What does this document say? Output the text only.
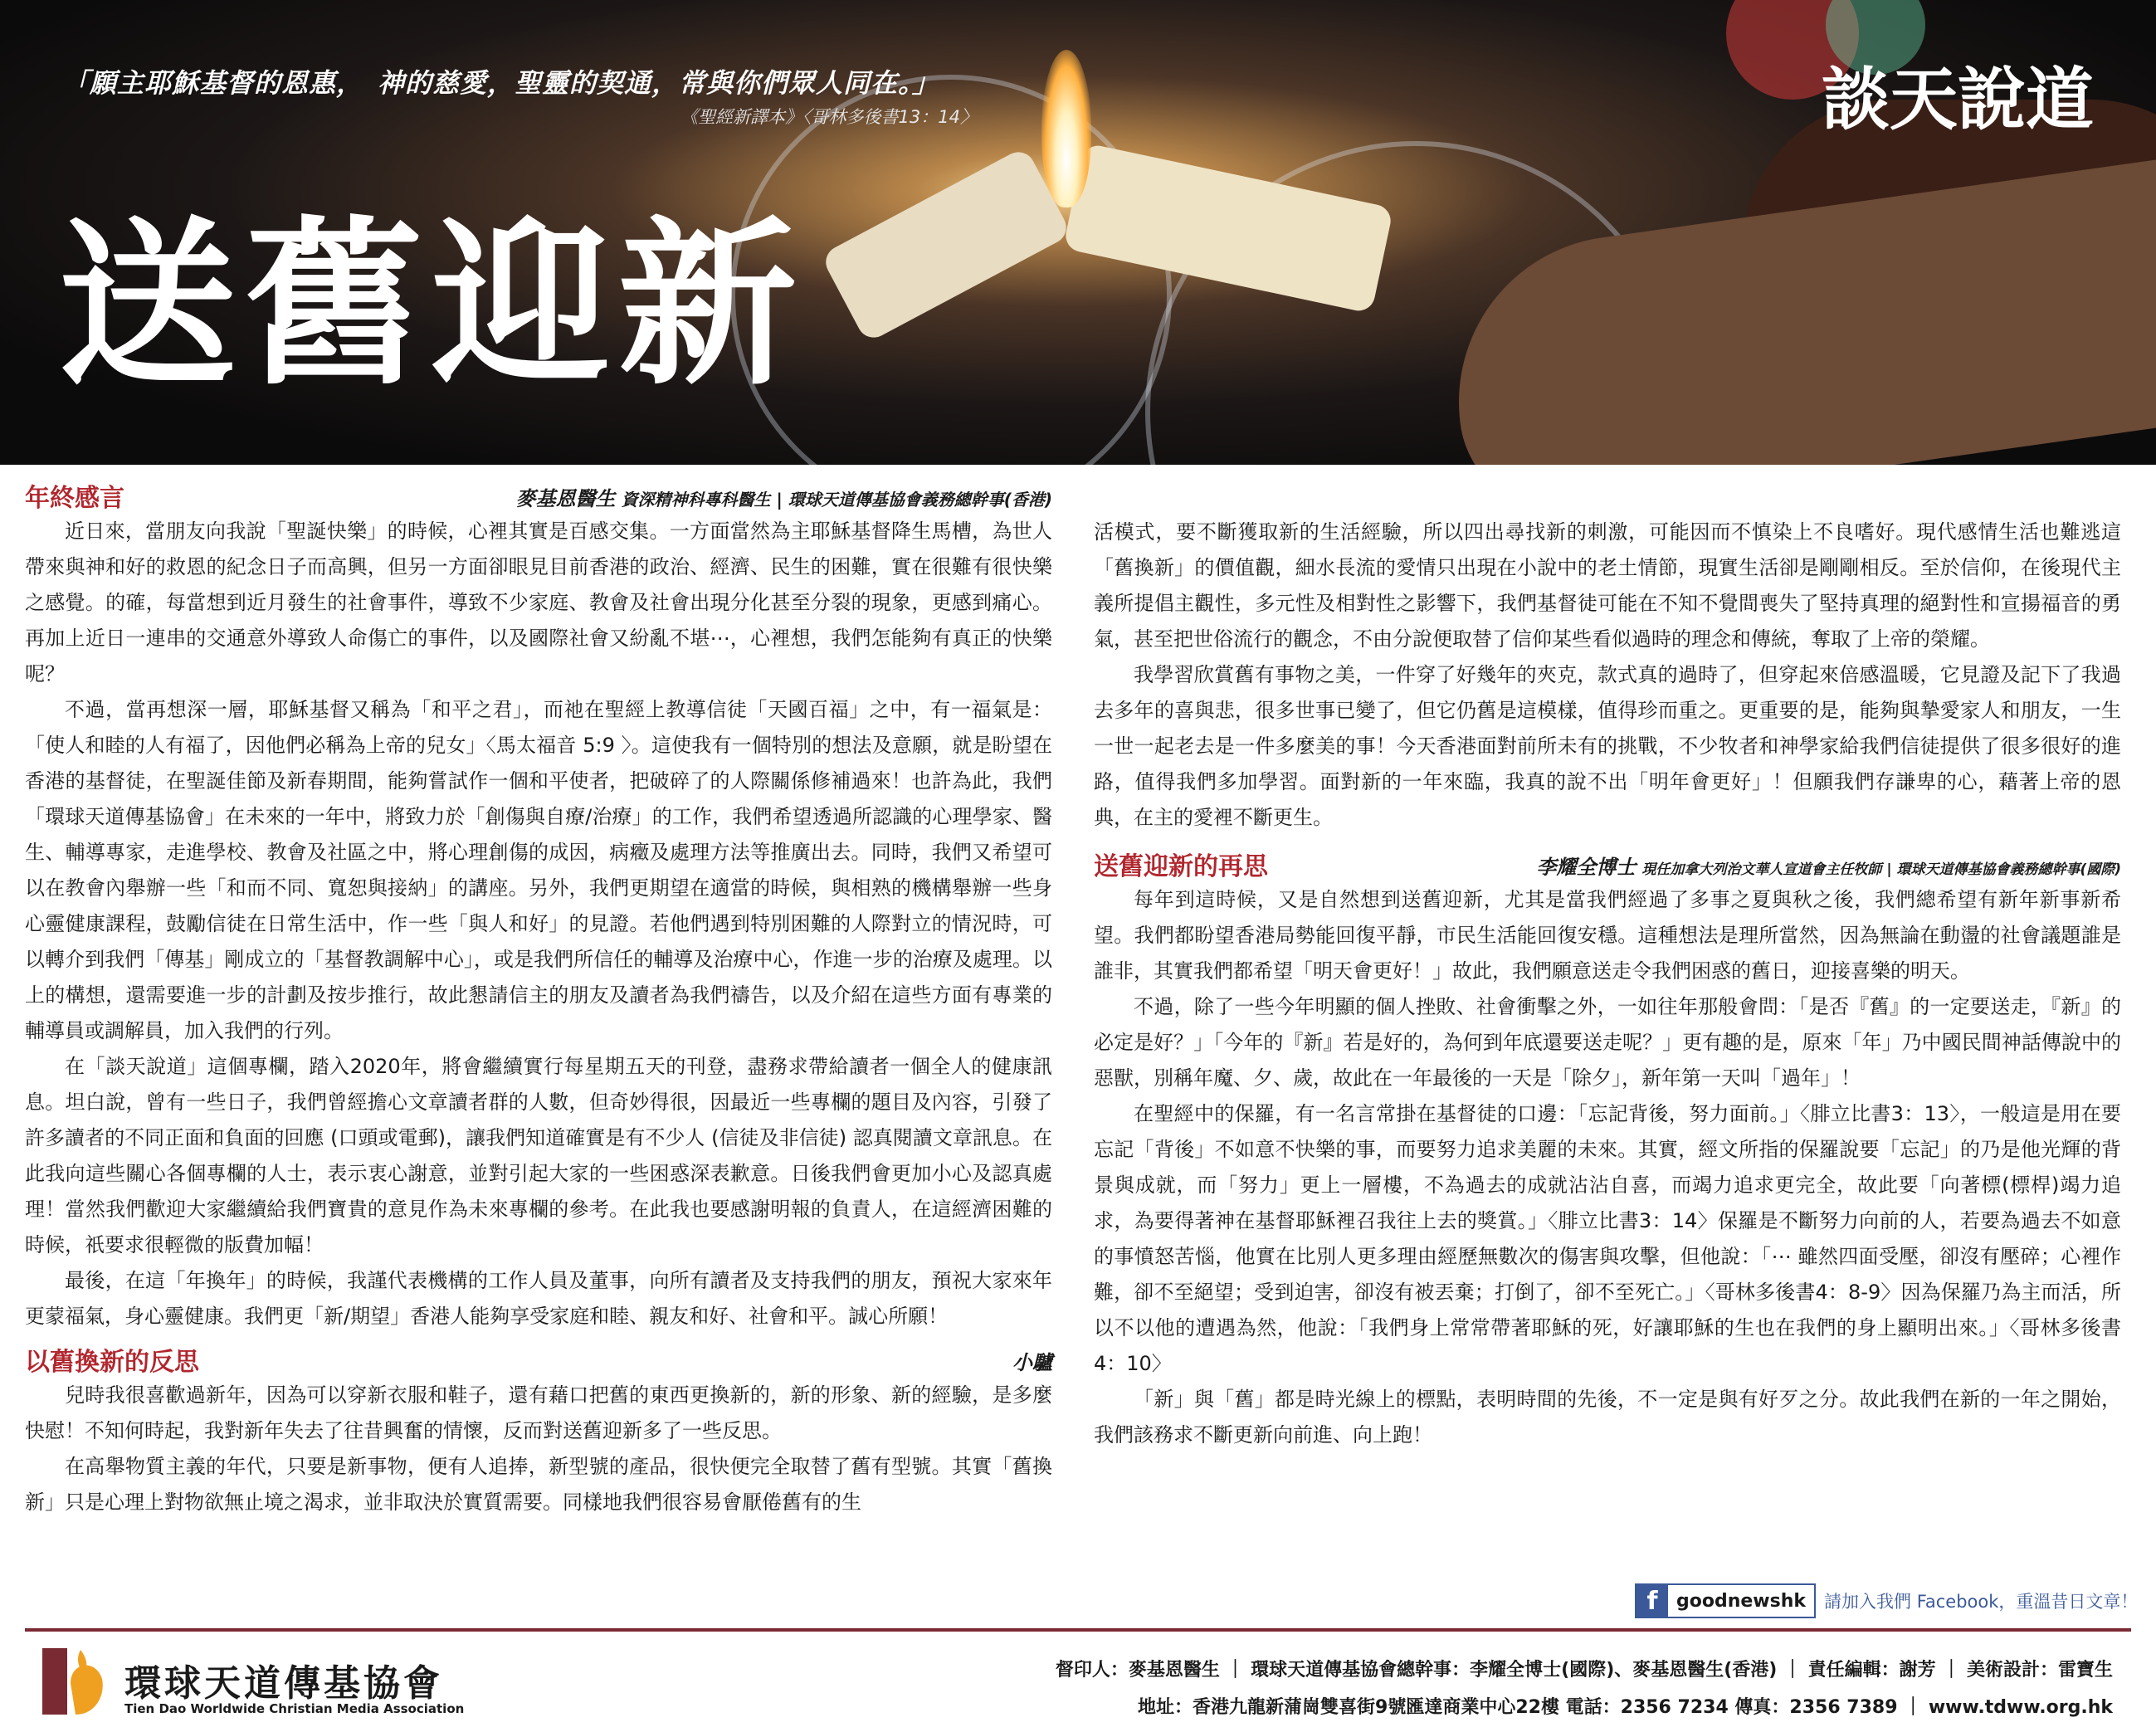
「願主耶穌基督的恩惠，　神的慈愛，聖靈的契通，常與你們眾人同在。」
《聖經新譯本》〈哥林多後書13：14〉	談天說道
送舊迎新
年終感言	麥基恩醫生 資深精神科專科醫生 | 環球天道傳基協會義務總幹事(香港)

近日來，當朋友向我說「聖誕快樂」的時候，心裡其實是百感交集。一方面當然為主耶穌基督降生馬槽，為世人帶來與神和好的救恩的紀念日子而高興，但另一方面卻眼見目前香港的政治、經濟、民生的困難，實在很難有很快樂之感覺。的確，每當想到近月發生的社會事件，導致不少家庭、教會及社會出現分化甚至分裂的現象，更感到痛心。再加上近日一連串的交通意外導致人命傷亡的事件，以及國際社會又紛亂不堪⋯，心裡想，我們怎能夠有真正的快樂呢？

不過，當再想深一層，耶穌基督又稱為「和平之君」，而祂在聖經上教導信徒「天國百福」之中，有一福氣是：「使人和睦的人有福了，因他們必稱為上帝的兒女」〈馬太福音 5:9 〉。這使我有一個特別的想法及意願，就是盼望在香港的基督徒，在聖誕佳節及新春期間，能夠嘗試作一個和平使者，把破碎了的人際關係修補過來！也許為此，我們「環球天道傳基協會」在未來的一年中，將致力於「創傷與自療/治療」的工作，我們希望透過所認識的心理學家、醫生、輔導專家，走進學校、教會及社區之中，將心理創傷的成因，病癥及處理方法等推廣出去。同時，我們又希望可以在教會內舉辦一些「和而不同、寬恕與接納」的講座。另外，我們更期望在適當的時候，與相熟的機構舉辦一些身心靈健康課程，鼓勵信徒在日常生活中，作一些「與人和好」的見證。若他們遇到特別困難的人際對立的情況時，可以轉介到我們「傳基」剛成立的「基督教調解中心」，或是我們所信任的輔導及治療中心，作進一步的治療及處理。以上的構想，還需要進一步的計劃及按步推行，故此懇請信主的朋友及讀者為我們禱告，以及介紹在這些方面有專業的輔導員或調解員，加入我們的行列。

在「談天說道」這個專欄，踏入2020年，將會繼續實行每星期五天的刊登，盡務求帶給讀者一個全人的健康訊息。坦白說，曾有一些日子，我們曾經擔心文章讀者群的人數，但奇妙得很，因最近一些專欄的題目及內容，引發了許多讀者的不同正面和負面的回應 (口頭或電郵)，讓我們知道確實是有不少人 (信徒及非信徒) 認真閱讀文章訊息。在此我向這些關心各個專欄的人士，表示衷心謝意，並對引起大家的一些困惑深表歉意。日後我們會更加小心及認真處理！當然我們歡迎大家繼續給我們寶貴的意見作為未來專欄的參考。在此我也要感謝明報的負責人，在這經濟困難的時候，祇要求很輕微的版費加幅！

最後，在這「年換年」的時候，我謹代表機構的工作人員及董事，向所有讀者及支持我們的朋友，預祝大家來年更蒙福氣，身心靈健康。我們更「新/期望」香港人能夠享受家庭和睦、親友和好、社會和平。誠心所願！

以舊換新的反思	小驢

兒時我很喜歡過新年，因為可以穿新衣服和鞋子，還有藉口把舊的東西更換新的，新的形象、新的經驗，是多麼快慰！不知何時起，我對新年失去了往昔興奮的情懷，反而對送舊迎新多了一些反思。

在高舉物質主義的年代，只要是新事物，便有人追捧，新型號的產品，很快便完全取替了舊有型號。其實「舊換新」只是心理上對物欲無止境之渴求，並非取決於實質需要。同樣地我們很容易會厭倦舊有的生

活模式，要不斷獲取新的生活經驗，所以四出尋找新的刺激，可能因而不慎染上不良嗜好。現代感情生活也難逃這「舊換新」的價值觀，細水長流的愛情只出現在小說中的老土情節，現實生活卻是剛剛相反。至於信仰，在後現代主義所提倡主觀性，多元性及相對性之影響下，我們基督徒可能在不知不覺間喪失了堅持真理的絕對性和宣揚福音的勇氣，甚至把世俗流行的觀念，不由分說便取替了信仰某些看似過時的理念和傳統，奪取了上帝的榮耀。

我學習欣賞舊有事物之美，一件穿了好幾年的夾克，款式真的過時了，但穿起來倍感溫暖，它見證及記下了我過去多年的喜與悲，很多世事已變了，但它仍舊是這模樣，值得珍而重之。更重要的是，能夠與摯愛家人和朋友，一生一世一起老去是一件多麼美的事！今天香港面對前所未有的挑戰，不少牧者和神學家給我們信徒提供了很多很好的進路，值得我們多加學習。面對新的一年來臨，我真的說不出「明年會更好」！但願我們存謙卑的心，藉著上帝的恩典，在主的愛裡不斷更生。

送舊迎新的再思	李耀全博士 現任加拿大列治文華人宣道會主任牧師 | 環球天道傳基協會義務總幹事(國際)

每年到這時候，又是自然想到送舊迎新，尤其是當我們經過了多事之夏與秋之後，我們總希望有新年新事新希望。我們都盼望香港局勢能回復平靜，市民生活能回復安穩。這種想法是理所當然，因為無論在動盪的社會議題誰是誰非，其實我們都希望「明天會更好！」故此，我們願意送走令我們困惑的舊日，迎接喜樂的明天。

不過，除了一些今年明顯的個人挫敗、社會衝擊之外，一如往年那般會問：「是否『舊』的一定要送走，『新』的必定是好？」「今年的『新』若是好的，為何到年底還要送走呢？」更有趣的是，原來「年」乃中國民間神話傳說中的惡獸，別稱年魔、夕、歲，故此在一年最後的一天是「除夕」，新年第一天叫「過年」！

在聖經中的保羅，有一名言常掛在基督徒的口邊：「忘記背後，努力面前。」〈腓立比書3：13〉，一般這是用在要忘記「背後」不如意不快樂的事，而要努力追求美麗的未來。其實，經文所指的保羅說要「忘記」的乃是他光輝的背景與成就，而「努力」更上一層樓，不為過去的成就沾沾自喜，而竭力追求更完全，故此要「向著標(標桿)竭力追求，為要得著神在基督耶穌裡召我往上去的獎賞。」〈腓立比書3：14〉保羅是不斷努力向前的人，若要為過去不如意的事憤怒苦惱，他實在比別人更多理由經歷無數次的傷害與攻擊，但他說：「⋯ 雖然四面受壓，卻沒有壓碎；心裡作難，卻不至絕望；受到迫害，卻沒有被丟棄；打倒了，卻不至死亡。」〈哥林多後書4：8-9〉因為保羅乃為主而活，所以不以他的遭遇為然，他說：「我們身上常常帶著耶穌的死，好讓耶穌的生也在我們的身上顯明出來。」〈哥林多後書4：10〉

「新」與「舊」都是時光線上的標點，表明時間的先後，不一定是與有好歹之分。故此我們在新的一年之開始，我們該務求不斷更新向前進、向上跑！

f	goodnewshk	請加入我們 Facebook，重溫昔日文章！
環球天道傳基協會
Tien Dao Worldwide Christian Media Association
督印人：麥基恩醫生 ｜ 環球天道傳基協會總幹事：李耀全博士(國際)、麥基恩醫生(香港) ｜ 責任編輯：謝芳 ｜ 美術設計：雷寶生
地址：香港九龍新蒲崗雙喜街9號匯達商業中心22樓 電話：2356 7234 傳真：2356 7389 ｜ www.tdww.org.hk
